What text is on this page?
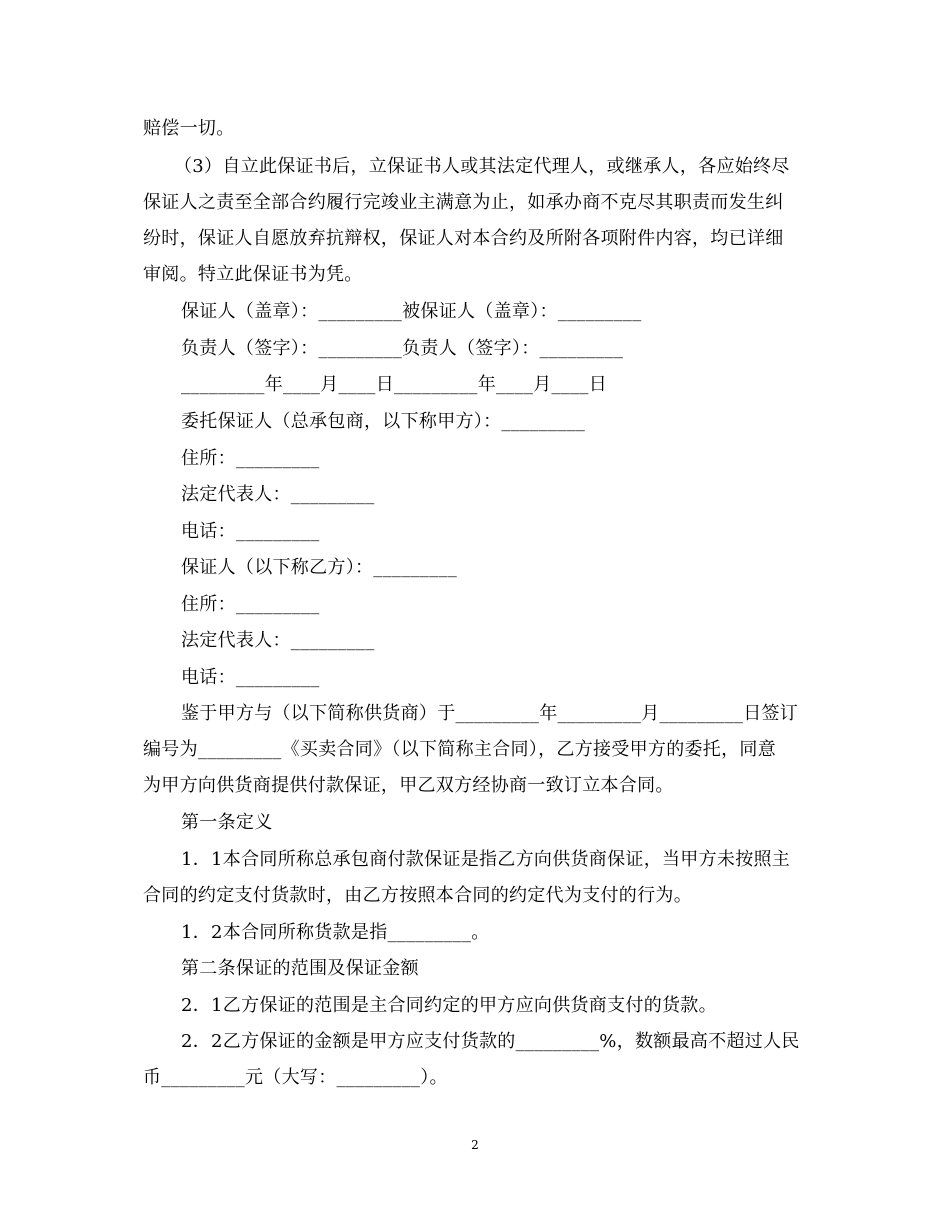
赔偿一切。
（3）自立此保证书后，立保证书人或其法定代理人，或继承人，各应始终尽
保证人之责至全部合约履行完竣业主满意为止，如承办商不克尽其职责而发生纠
纷时，保证人自愿放弃抗辩权，保证人对本合约及所附各项附件内容，均已详细
审阅。特立此保证书为凭。
保证人（盖章）：_________被保证人（盖章）：_________
负责人（签字）：_________负责人（签字）：_________
_________年____月____日_________年____月____日
委托保证人（总承包商，以下称甲方）：_________
住所：_________
法定代表人：_________
电话：_________
保证人（以下称乙方）：_________
住所：_________
法定代表人：_________
电话：_________
鉴于甲方与（以下简称供货商）于_________年_________月_________日签订
编号为_________《买卖合同》（以下简称主合同），乙方接受甲方的委托，同意
为甲方向供货商提供付款保证，甲乙双方经协商一致订立本合同。
第一条定义
1．1本合同所称总承包商付款保证是指乙方向供货商保证，当甲方未按照主
合同的约定支付货款时，由乙方按照本合同的约定代为支付的行为。
1．2本合同所称货款是指_________。
第二条保证的范围及保证金额
2．1乙方保证的范围是主合同约定的甲方应向供货商支付的货款。
2．2乙方保证的金额是甲方应支付货款的_________%，数额最高不超过人民
币_________元（大写：_________）。
2
